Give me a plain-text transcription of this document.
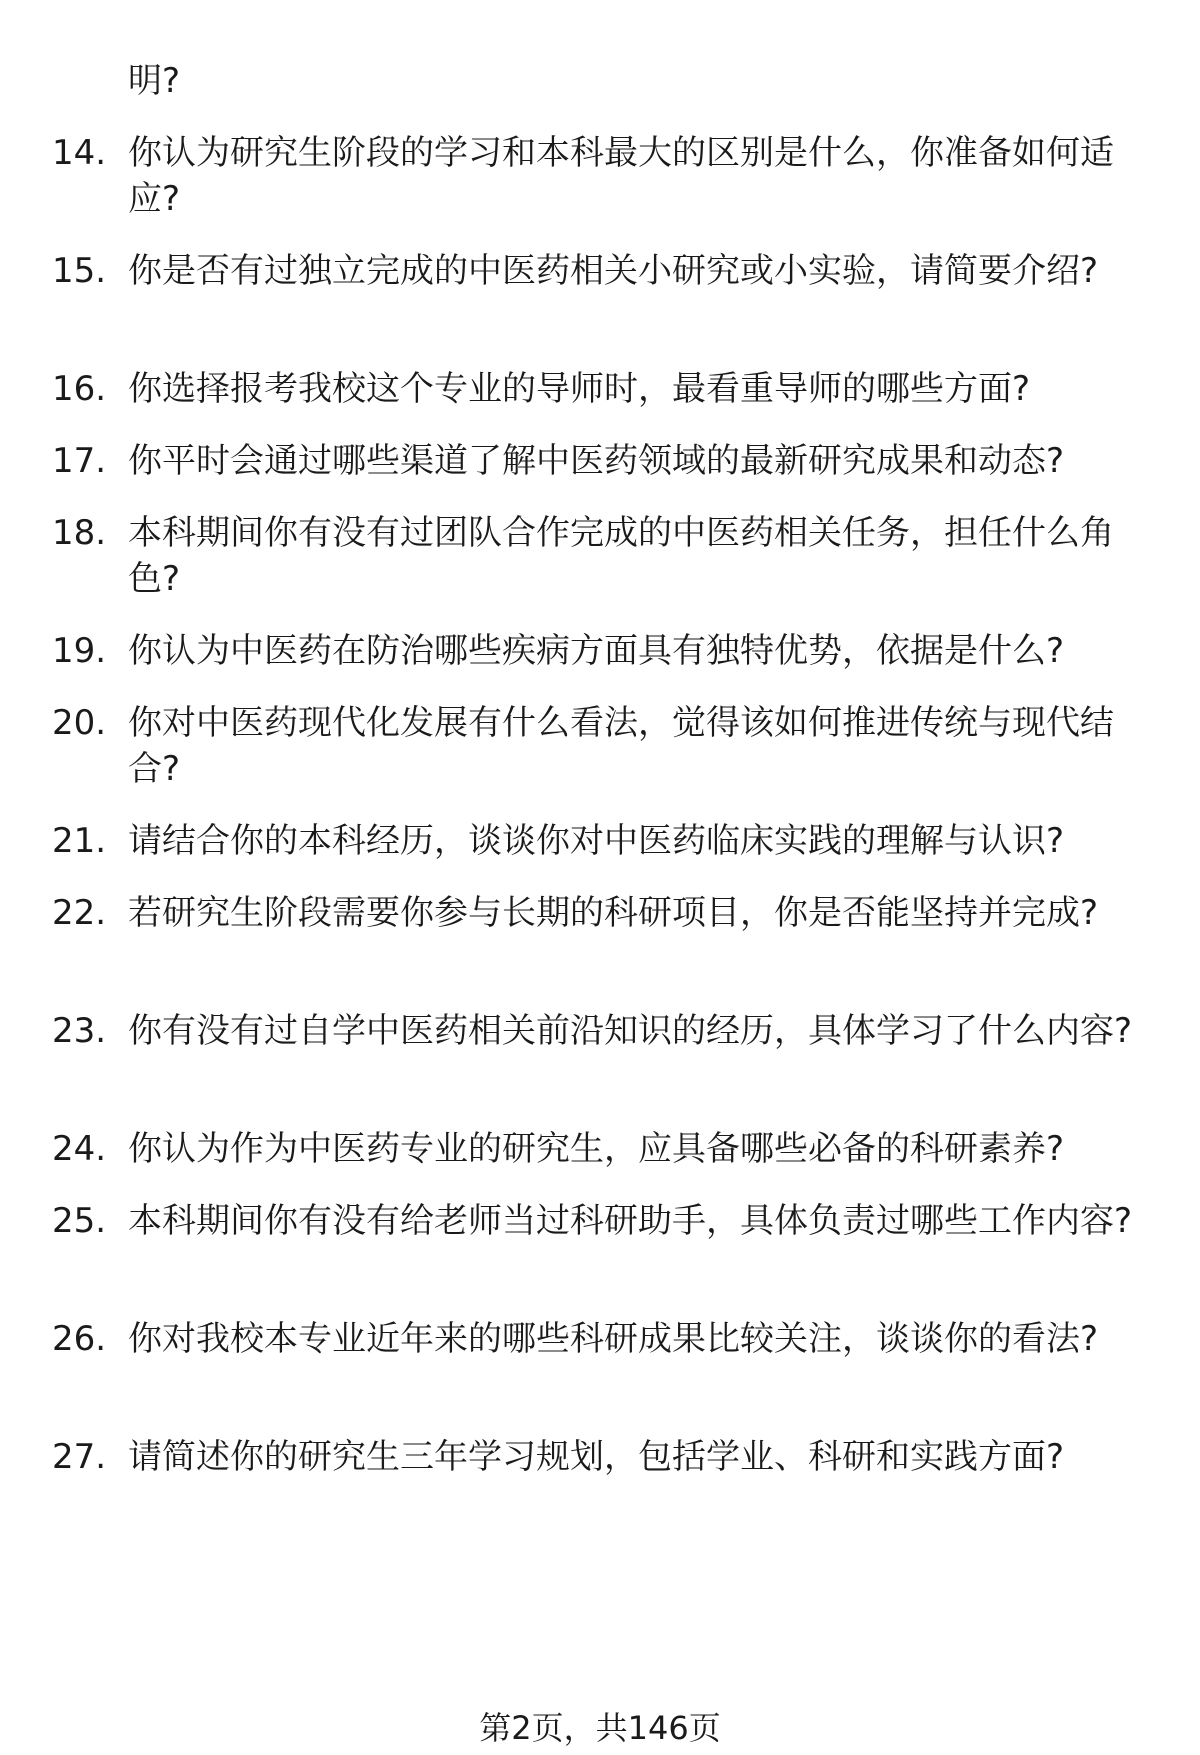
明?
14. 你认为研究生阶段的学习和本科最大的区别是什么，你准备如何适应?
15. 你是否有过独立完成的中医药相关小研究或小实验，请简要介绍?
16. 你选择报考我校这个专业的导师时，最看重导师的哪些方面?
17. 你平时会通过哪些渠道了解中医药领域的最新研究成果和动态?
18. 本科期间你有没有过团队合作完成的中医药相关任务，担任什么角色?
19. 你认为中医药在防治哪些疾病方面具有独特优势，依据是什么?
20. 你对中医药现代化发展有什么看法，觉得该如何推进传统与现代结合?
21. 请结合你的本科经历，谈谈你对中医药临床实践的理解与认识?
22. 若研究生阶段需要你参与长期的科研项目，你是否能坚持并完成?
23. 你有没有过自学中医药相关前沿知识的经历，具体学习了什么内容?
24. 你认为作为中医药专业的研究生，应具备哪些必备的科研素养?
25. 本科期间你有没有给老师当过科研助手，具体负责过哪些工作内容?
26. 你对我校本专业近年来的哪些科研成果比较关注，谈谈你的看法?
27. 请简述你的研究生三年学习规划，包括学业、科研和实践方面?
第2页，共146页
